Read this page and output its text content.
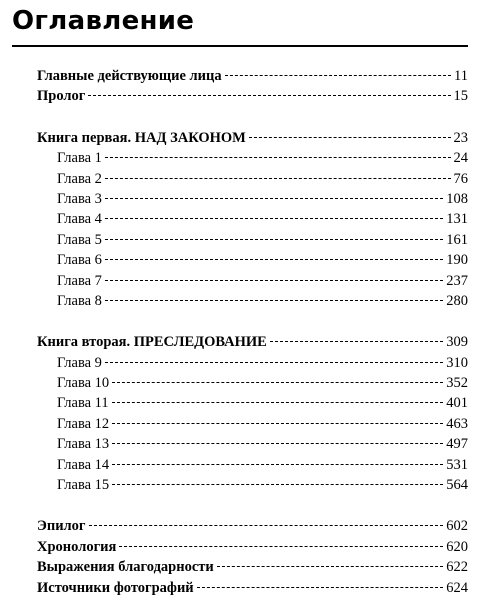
Оглавление
Главные действующие лица	11
Пролог	15
Книга первая. НАД ЗАКОНОМ	23
Глава 1	24
Глава 2	76
Глава 3	108
Глава 4	131
Глава 5	161
Глава 6	190
Глава 7	237
Глава 8	280
Книга вторая. ПРЕСЛЕДОВАНИЕ	309
Глава 9	310
Глава 10	352
Глава 11	401
Глава 12	463
Глава 13	497
Глава 14	531
Глава 15	564
Эпилог	602
Хронология	620
Выражения благодарности	622
Источники фотографий	624
